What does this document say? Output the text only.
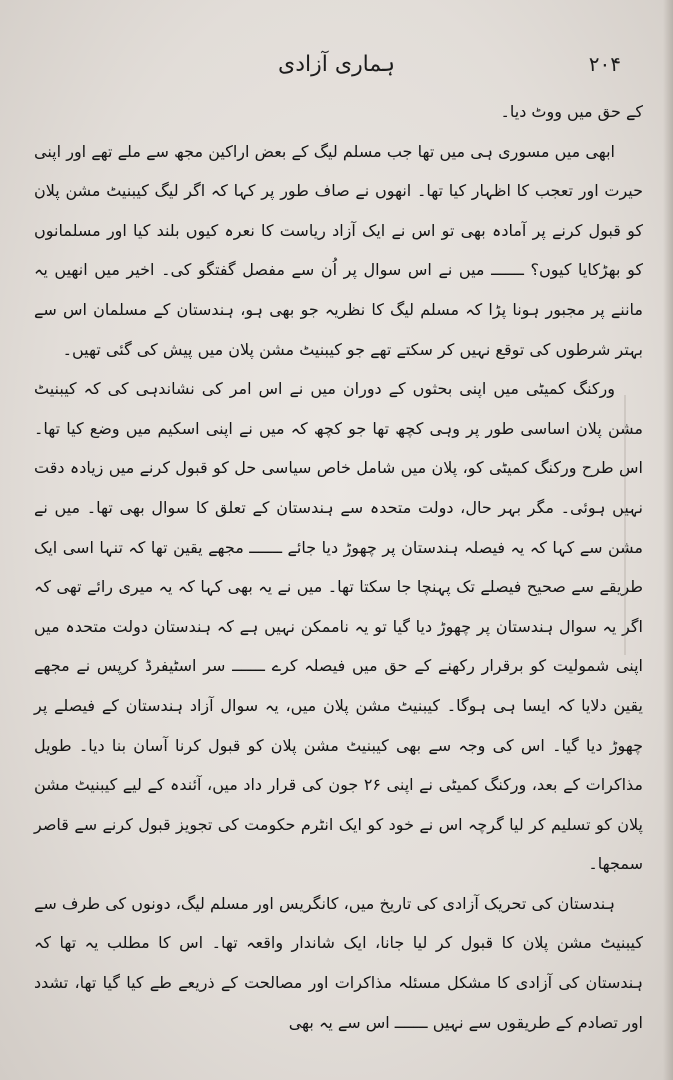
ہماری آزادی	۲۰۴

کے حق میں ووٹ دیا۔

ابھی میں مسوری ہی میں تھا جب مسلم لیگ کے بعض اراکین مجھ سے ملے تھے اور اپنی حیرت اور تعجب کا اظہار کیا تھا۔ انھوں نے صاف طور پر کہا کہ اگر لیگ کیبنیٹ مشن پلان کو قبول کرنے پر آمادہ بھی تو اس نے ایک آزاد ریاست کا نعرہ کیوں بلند کیا اور مسلمانوں کو بھڑکایا کیوں؟ ـــــــ میں نے اس سوال پر اُن سے مفصل گفتگو کی۔ اخیر میں انھیں یہ ماننے پر مجبور ہونا پڑا کہ مسلم لیگ کا نظریہ جو بھی ہو، ہندستان کے مسلمان اس سے بہتر شرطوں کی توقع نہیں کر سکتے تھے جو کیبنیٹ مشن پلان میں پیش کی گئی تھیں۔

ورکنگ کمیٹی میں اپنی بحثوں کے دوران میں نے اس امر کی نشاندہی کی کہ کیبنیٹ مشن پلان اساسی طور پر وہی کچھ تھا جو کچھ کہ میں نے اپنی اسکیم میں وضع کیا تھا۔ اس طرح ورکنگ کمیٹی کو، پلان میں شامل خاص سیاسی حل کو قبول کرنے میں زیادہ دقت نہیں ہوئی۔ مگر بہر حال، دولت متحدہ سے ہندستان کے تعلق کا سوال بھی تھا۔ میں نے مشن سے کہا کہ یہ فیصلہ ہندستان پر چھوڑ دیا جائے ـــــــ مجھے یقین تھا کہ تنہا اسی ایک طریقے سے صحیح فیصلے تک پہنچا جا سکتا تھا۔ میں نے یہ بھی کہا کہ یہ میری رائے تھی کہ اگر یہ سوال ہندستان پر چھوڑ دیا گیا تو یہ ناممکن نہیں ہے کہ ہندستان دولت متحدہ میں اپنی شمولیت کو برقرار رکھنے کے حق میں فیصلہ کرے ـــــــ سر اسٹیفرڈ کرپس نے مجھے یقین دلایا کہ ایسا ہی ہوگا۔ کیبنیٹ مشن پلان میں، یہ سوال آزاد ہندستان کے فیصلے پر چھوڑ دیا گیا۔ اس کی وجہ سے بھی کیبنیٹ مشن پلان کو قبول کرنا آسان بنا دیا۔ طویل مذاکرات کے بعد، ورکنگ کمیٹی نے اپنی ۲۶ جون کی قرار داد میں، آئندہ کے لیے کیبنیٹ مشن پلان کو تسلیم کر لیا گرچہ اس نے خود کو ایک انٹرم حکومت کی تجویز قبول کرنے سے قاصر سمجھا۔

ہندستان کی تحریک آزادی کی تاریخ میں، کانگریس اور مسلم لیگ، دونوں کی طرف سے کیبنیٹ مشن پلان کا قبول کر لیا جانا، ایک شاندار واقعہ تھا۔ اس کا مطلب یہ تھا کہ ہندستان کی آزادی کا مشکل مسئلہ مذاکرات اور مصالحت کے ذریعے طے کیا گیا تھا، تشدد اور تصادم کے طریقوں سے نہیں ـــــــ اس سے یہ بھی
